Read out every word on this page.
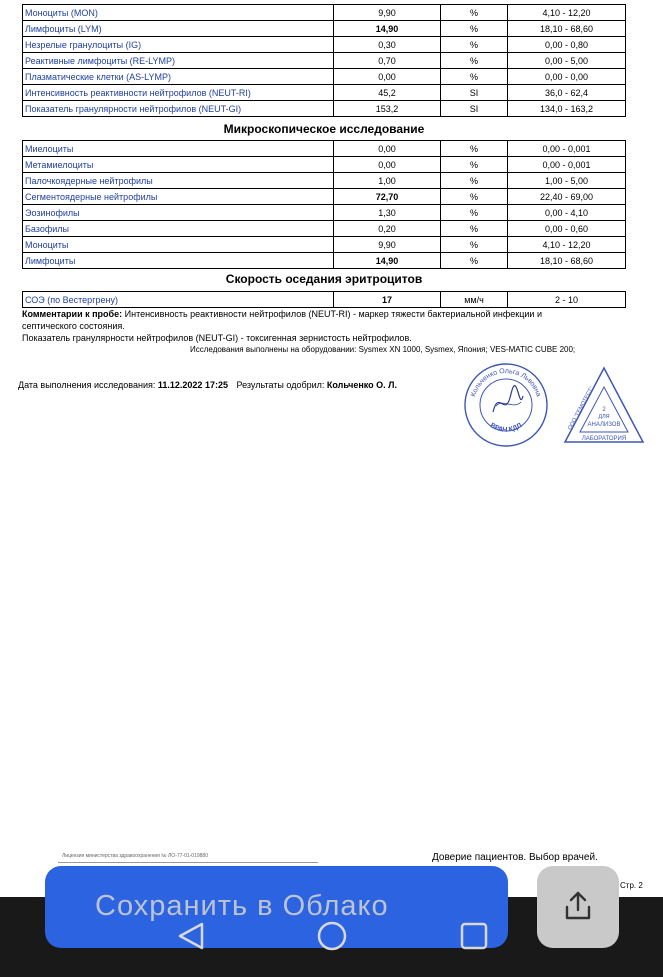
Моноциты (MON)	9,90	%	4,10 - 12,20
Лимфоциты (LYM)	14,90	%	18,10 - 68,60
Незрелые гранулоциты (IG)	0,30	%	0,00 - 0,80
Реактивные лимфоциты (RE-LYMP)	0,70	%	0,00 - 5,00
Плазматические клетки (AS-LYMP)	0,00	%	0,00 - 0,00
Интенсивность реактивности нейтрофилов (NEUT-RI)	45,2	SI	36,0 - 62,4
Показатель гранулярности нейтрофилов (NEUT-GI)	153,2	SI	134,0 - 163,2
Микроскопическое исследование
Миелоциты	0,00	%	0,00 - 0,001
Метамиелоциты	0,00	%	0,00 - 0,001
Палочкоядерные нейтрофилы	1,00	%	1,00 - 5,00
Сегментоядерные нейтрофилы	72,70	%	22,40 - 69,00
Эозинофилы	1,30	%	0,00 - 4,10
Базофилы	0,20	%	0,00 - 0,60
Моноциты	9,90	%	4,10 - 12,20
Лимфоциты	14,90	%	18,10 - 68,60
Скорость оседания эритроцитов
СОЭ (по Вестергрену)	17	мм/ч	2 - 10

Комментарии к пробе: Интенсивность реактивности нейтрофилов (NEUT-RI) - маркер тяжести бактериальной инфекции и

септического состояния.

Показатель гранулярности нейтрофилов (NEUT-GI) - токсигенная зернистость нейтрофилов.

Исследования выполнены на оборудовании: Sysmex XN 1000, Sysmex, Япония; VES-MATIC CUBE 200;
Дата выполнения исследования: 11.12.2022 17:25 Результаты одобрил: Кольченко О. Л.
Кольченко Ольга Львовна
ВРАЧ КДЛ	ООО "ГЕМОТЕСТ" 2
ДЛЯ
АНАЛИЗОВ
ЛАБОРАТОРИЯ
Лицензия министерства здравоохранения № ЛО-77-01-019880	Доверие пациентов. Выбор врачей.
Стр. 2
Сохранить в Облако
